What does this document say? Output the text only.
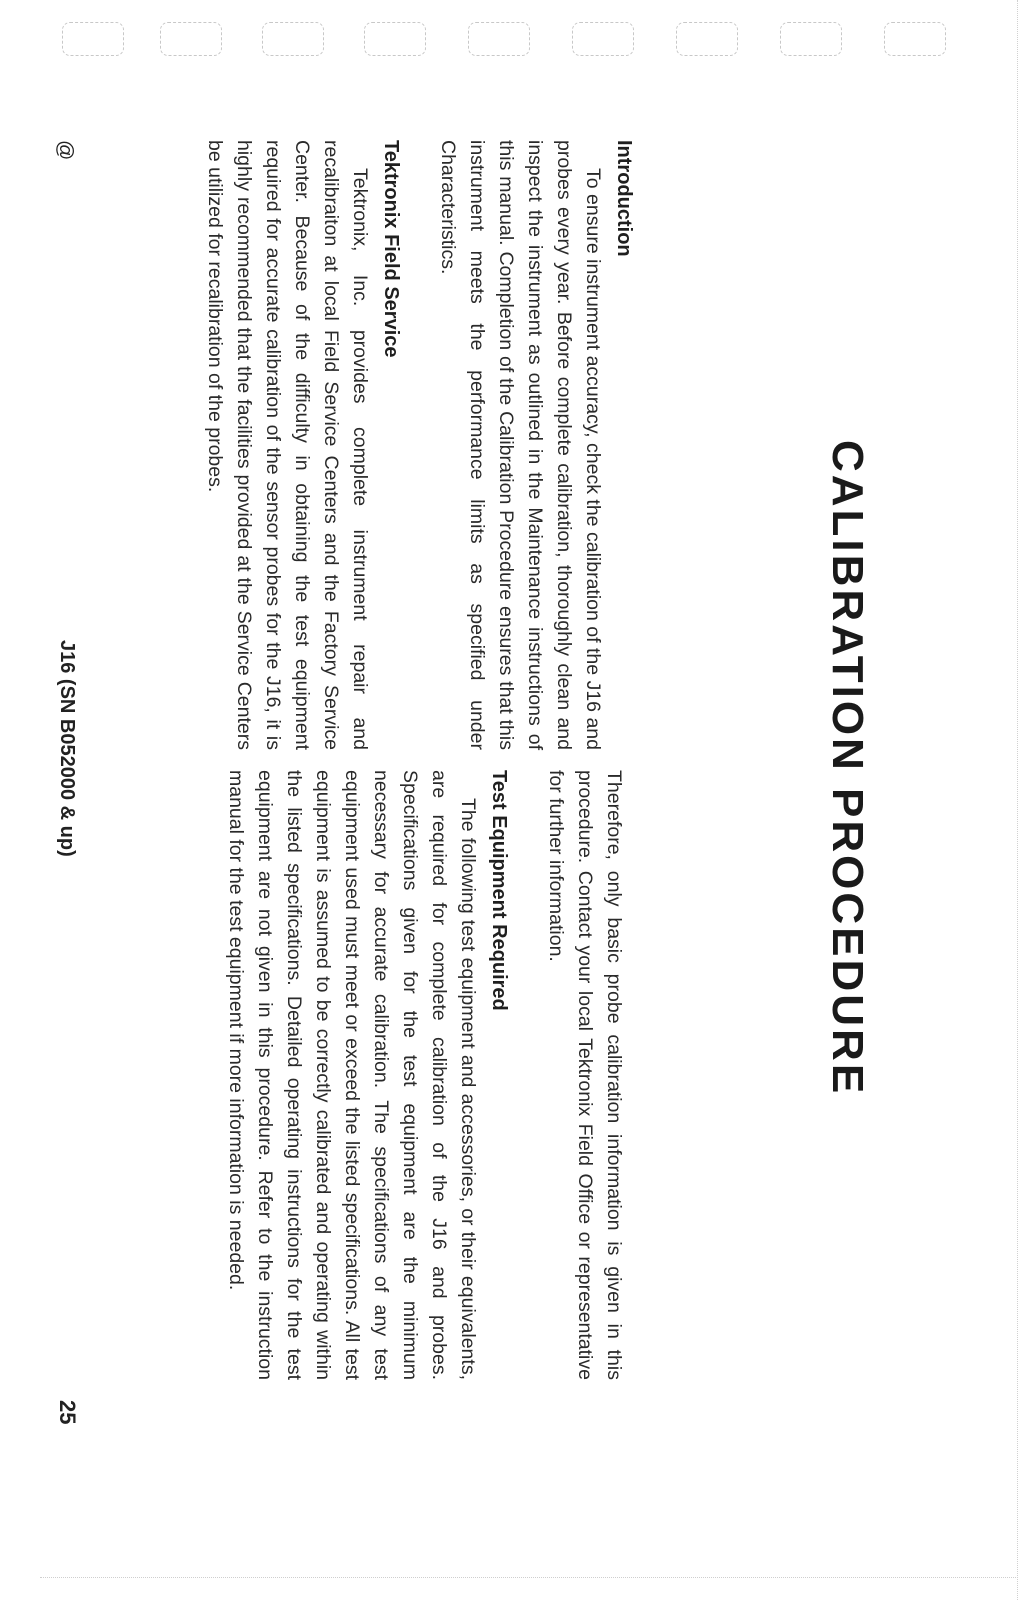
CALIBRATION PROCEDURE
Introduction

To ensure instrument accuracy, check the calibration of the J16 and probes every year. Before complete calibration, thoroughly clean and inspect the instrument as outlined in the Maintenance instructions of this manual. Completion of the Calibration Procedure ensures that this instrument meets the performance limits as specified under Characteristics.

Tektronix Field Service

Tektronix, Inc. provides complete instrument repair and recalibraiton at local Field Service Centers and the Factory Service Center. Because of the difficulty in obtaining the test equipment required for accurate calibration of the sensor probes for the J16, it is highly recommended that the facilities provided at the Service Centers be utilized for recalibration of the probes.

Therefore, only basic probe calibration information is given in this procedure. Contact your local Tektronix Field Office or representative for further information.

Test Equipment Required

The following test equipment and accessories, or their equivalents, are required for complete calibration of the J16 and probes. Specifications given for the test equipment are the minimum necessary for accurate calibration. The specifications of any test equipment used must meet or exceed the listed specifications. All test equipment is assumed to be correctly calibrated and operating within the listed specifications. Detailed operating instructions for the test equipment are not given in this procedure. Refer to the instruction manual for the test equipment if more information is needed.

@
J16 (SN B052000 & up)
25
